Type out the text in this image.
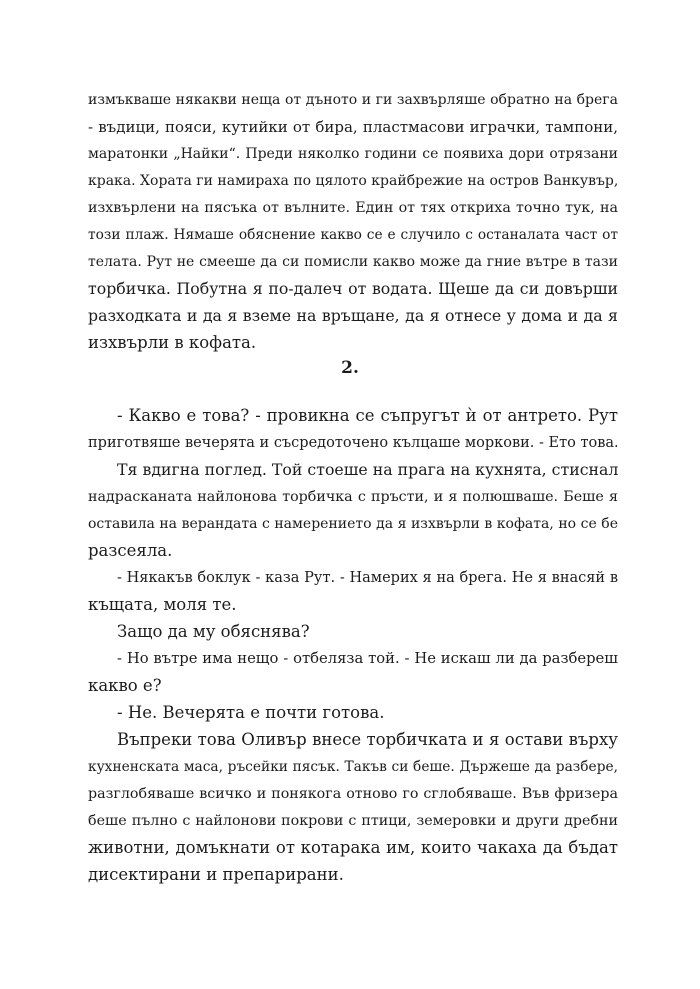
измъкваше някакви неща от дъното и ги захвърляше обратно на брега
- въдици, пояси, кутийки от бира, пластмасови играчки, тампони,
маратонки „Найки“. Преди няколко години се появиха дори отрязани
крака. Хората ги намираха по цялото крайбрежие на остров Ванкувър,
изхвърлени на пясъка от вълните. Един от тях откриха точно тук, на
този плаж. Нямаше обяснение какво се е случило с останалата част от
телата. Рут не смееше да си помисли какво може да гние вътре в тази
торбичка. Побутна я по-далеч от водата. Щеше да си довърши
разходката и да я вземе на връщане, да я отнесе у дома и да я
изхвърли в кофата.
2.
- Какво е това? - провикна се съпругът ѝ от антрето. Рут
приготвяше вечерята и съсредоточено кълцаше моркови. - Ето това.
Тя вдигна поглед. Той стоеше на прага на кухнята, стиснал
надрасканата найлонова торбичка с пръсти, и я полюшваше. Беше я
оставила на верандата с намерението да я изхвърли в кофата, но се бе
разсеяла.
- Някакъв боклук - каза Рут. - Намерих я на брега. Не я внасяй в
къщата, моля те.
Защо да му обяснява?
- Но вътре има нещо - отбеляза той. - Не искаш ли да разбереш
какво е?
- Не. Вечерята е почти готова.
Въпреки това Оливър внесе торбичката и я остави върху
кухненската маса, ръсейки пясък. Такъв си беше. Държеше да разбере,
разглобяваше всичко и понякога отново го сглобяваше. Във фризера
беше пълно с найлонови покрови с птици, земеровки и други дребни
животни, домъкнати от котарака им, които чакаха да бъдат
дисектирани и препарирани.
